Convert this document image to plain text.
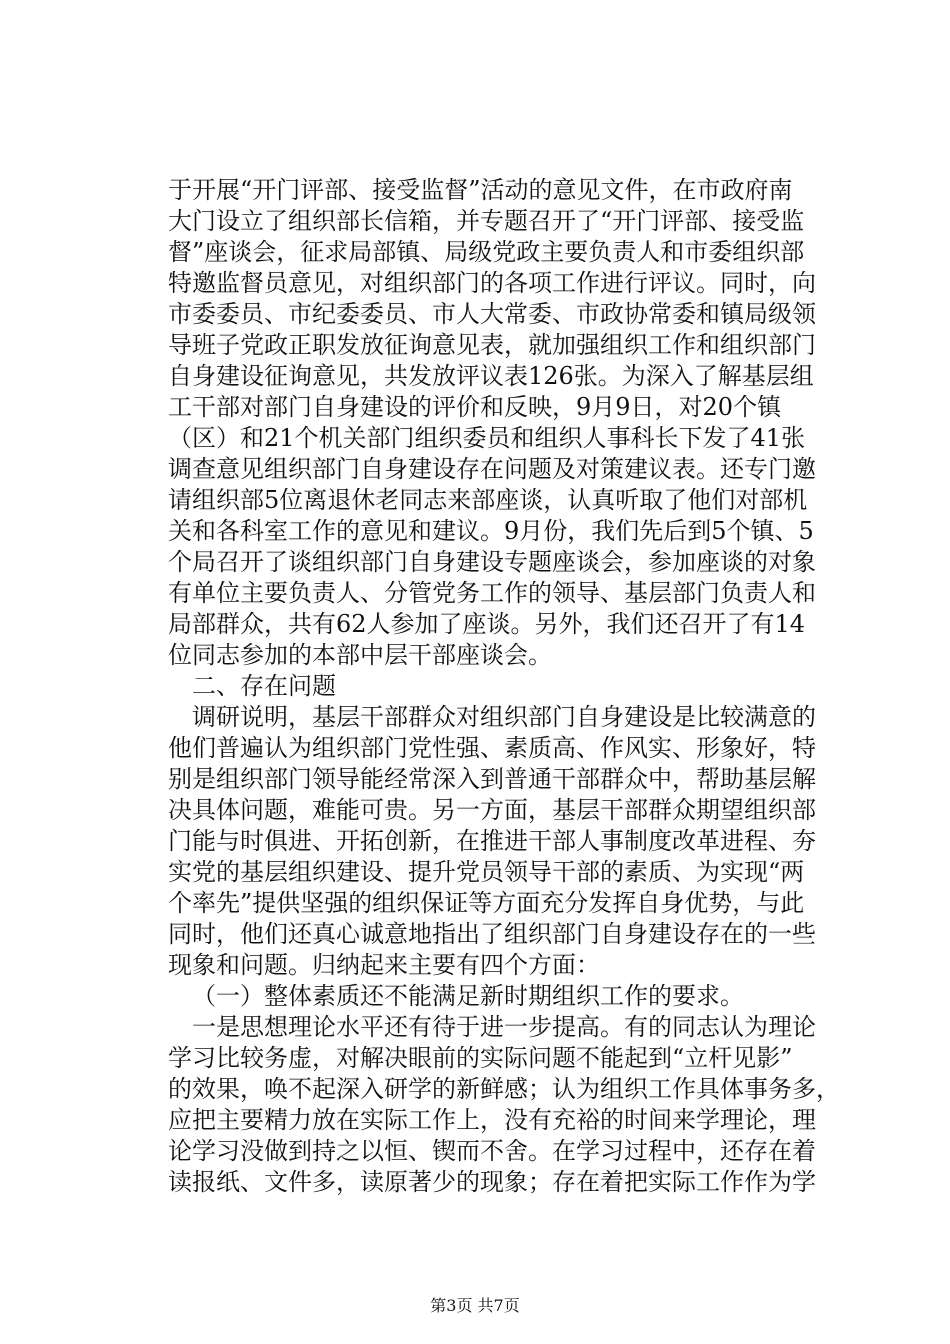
于开展“开门评部、接受监督”活动的意见文件，在市政府南
大门设立了组织部长信箱，并专题召开了“开门评部、接受监
督”座谈会，征求局部镇、局级党政主要负责人和市委组织部
特邀监督员意见，对组织部门的各项工作进行评议。同时，向
市委委员、市纪委委员、市人大常委、市政协常委和镇局级领
导班子党政正职发放征询意见表，就加强组织工作和组织部门
自身建设征询意见，共发放评议表126张。为深入了解基层组
工干部对部门自身建设的评价和反映，9月9日，对20个镇
（区）和21个机关部门组织委员和组织人事科长下发了41张
调查意见组织部门自身建设存在问题及对策建议表。还专门邀
请组织部5位离退休老同志来部座谈，认真听取了他们对部机
关和各科室工作的意见和建议。9月份，我们先后到5个镇、5
个局召开了谈组织部门自身建设专题座谈会，参加座谈的对象
有单位主要负责人、分管党务工作的领导、基层部门负责人和
局部群众，共有62人参加了座谈。另外，我们还召开了有14
位同志参加的本部中层干部座谈会。
二、存在问题
调研说明，基层干部群众对组织部门自身建设是比较满意的
他们普遍认为组织部门党性强、素质高、作风实、形象好，特
别是组织部门领导能经常深入到普通干部群众中，帮助基层解
决具体问题，难能可贵。另一方面，基层干部群众期望组织部
门能与时俱进、开拓创新，在推进干部人事制度改革进程、夯
实党的基层组织建设、提升党员领导干部的素质、为实现“两
个率先”提供坚强的组织保证等方面充分发挥自身优势，与此
同时，他们还真心诚意地指出了组织部门自身建设存在的一些
现象和问题。归纳起来主要有四个方面：
（一）整体素质还不能满足新时期组织工作的要求。
一是思想理论水平还有待于进一步提高。有的同志认为理论
学习比较务虚，对解决眼前的实际问题不能起到“立杆见影”
的效果，唤不起深入研学的新鲜感；认为组织工作具体事务多，
应把主要精力放在实际工作上，没有充裕的时间来学理论，理
论学习没做到持之以恒、锲而不舍。在学习过程中，还存在着
读报纸、文件多，读原著少的现象；存在着把实际工作作为学
第3页 共7页
